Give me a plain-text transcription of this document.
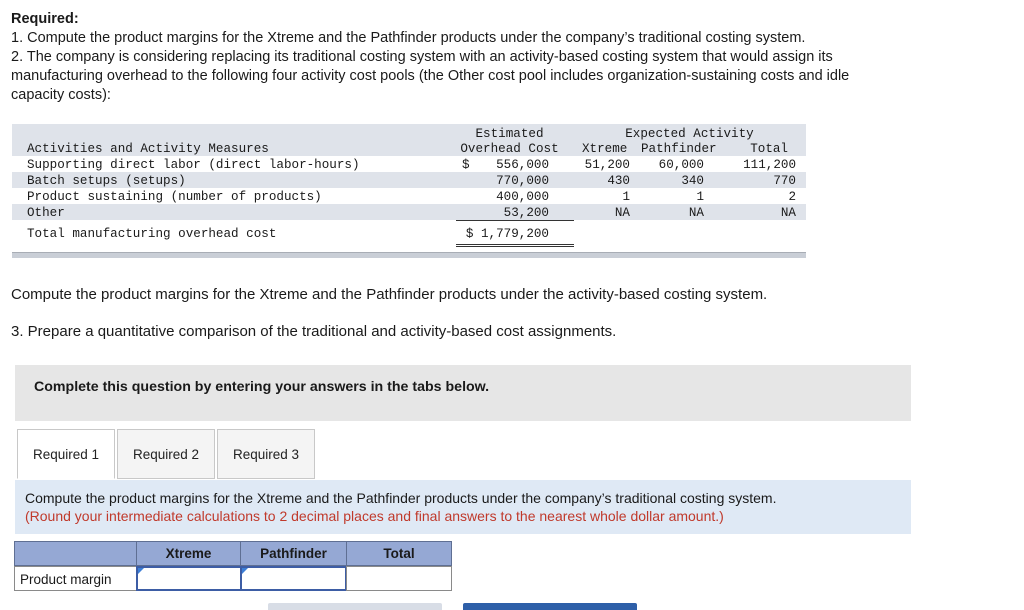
Required:

1. Compute the product margins for the Xtreme and the Pathfinder products under the company’s traditional costing system.

2. The company is considering replacing its traditional costing system with an activity-based costing system that would assign its

manufacturing overhead to the following four activity cost pools (the Other cost pool includes organization-sustaining costs and idle

capacity costs):

Estimated	Expected Activity
Activities and Activity Measures	Overhead Cost	Xtreme Pathfinder	Total
Supporting direct labor (direct labor-hours)	$	556,000	51,200	60,000	111,200
Batch setups (setups)	770,000	430	340	770
Product sustaining (number of products)	400,000	1	1	2
Other	53,200	NA	NA	NA
Total manufacturing overhead cost	$ 1,779,200

Compute the product margins for the Xtreme and the Pathfinder products under the activity-based costing system.

3. Prepare a quantitative comparison of the traditional and activity-based cost assignments.

Complete this question by entering your answers in the tabs below.
Required 1	Required 2	Required 3
Compute the product margins for the Xtreme and the Pathfinder products under the company’s traditional costing system.
(Round your intermediate calculations to 2 decimal places and final answers to the nearest whole dollar amount.)
Xtreme	Pathfinder	Total
Product margin
